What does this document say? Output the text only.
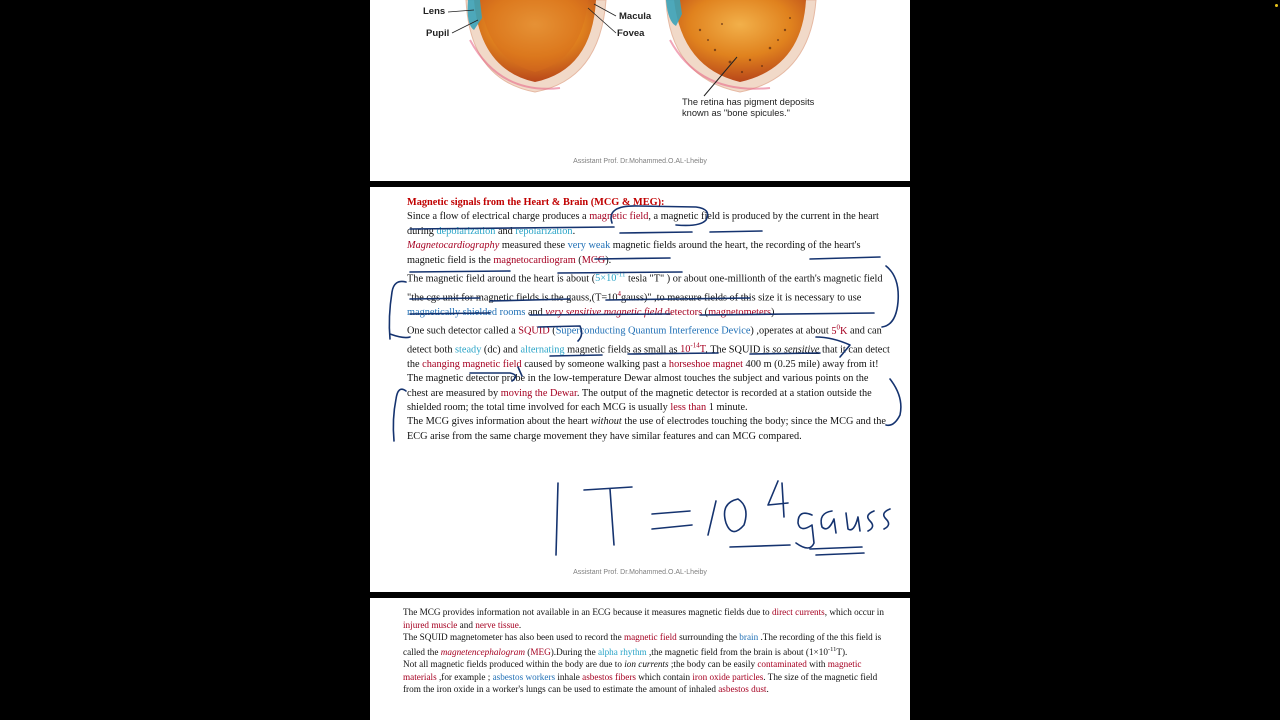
Lens
Pupil
Macula
Fovea
The retina has pigment deposits
known as "bone spicules."
Assistant Prof. Dr.Mohammed.O.AL-Lheiby

Magnetic signals from the Heart & Brain (MCG & MEG):

Since a flow of electrical charge produces a magnetic field, a magnetic field is produced by the current in the heart during depolarization and repolarization.

Magnetocardiography measured these very weak magnetic fields around the heart, the recording of the heart's magnetic field is the magnetocardiogram (MCG).

The magnetic field around the heart is about ($5\times 10^{-11}$ tesla "T" ) or about one-millionth of the earth's magnetic field "the cgs unit for magnetic fields is the $gauss,(T=10^4gauss)$" ,to measure fields of this size it is necessary to use magnetically shielded rooms and very sensitive magnetic field detectors (magnetometers).

One such detector called a SQUID (Superconducting Quantum Interference Device) ,operates at about $5^0K$ and can detect both steady (dc) and alternating magnetic fields as small as $10^{-14}T$. The SQUID is so sensitive that it can detect the changing magnetic field caused by someone walking past a horseshoe magnet 400 m (0.25 mile) away from it!

The magnetic detector probe in the low-temperature Dewar almost touches the subject and various points on the chest are measured by moving the Dewar. The output of the magnetic detector is recorded at a station outside the shielded room; the total time involved for each MCG is usually less than 1 minute.

The MCG gives information about the heart without the use of electrodes touching the body; since the MCG and the ECG arise from the same charge movement they have similar features and can MCG compared.

Assistant Prof. Dr.Mohammed.O.AL-Lheiby

The MCG provides information not available in an ECG because it measures magnetic fields due to direct currents, which occur in injured muscle and nerve tissue.

The SQUID magnetometer has also been used to record the magnetic field surrounding the brain .The recording of the this field is called the magnetencephalogram (MEG).During the alpha rhythm ,the magnetic field from the brain is about $(1\times 10^{-11}T)$.

Not all magnetic fields produced within the body are due to ion currents ;the body can be easily contaminated with magnetic materials ,for example ; asbestos workers inhale asbestos fibers which contain iron oxide particles. The size of the magnetic field from the iron oxide in a worker's lungs can be used to estimate the amount of inhaled asbestos dust.
